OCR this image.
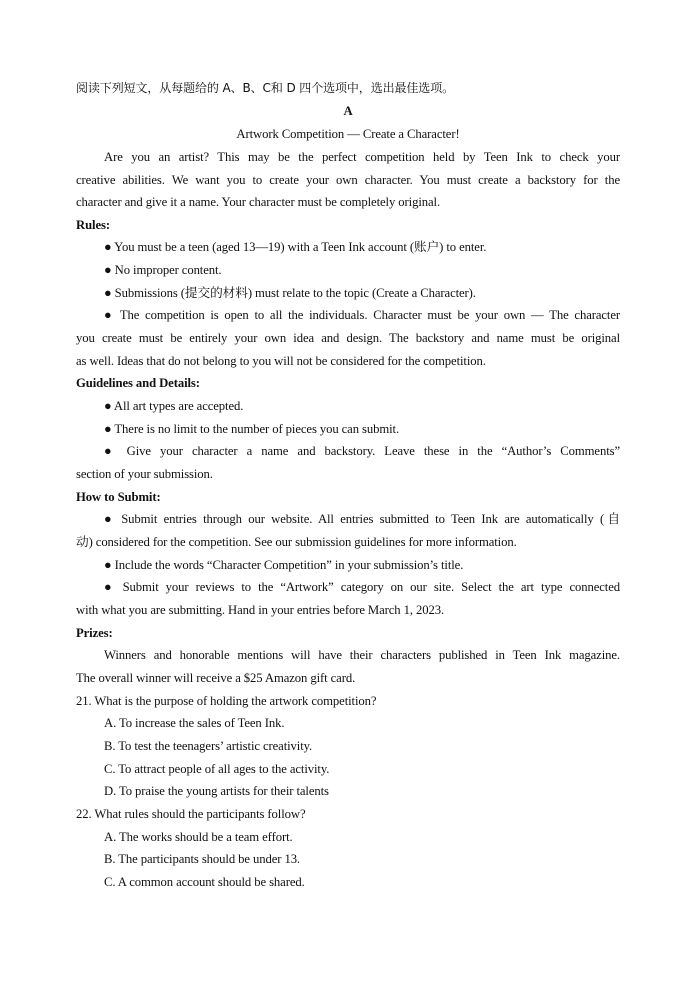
阅读下列短文，从每题给的 A、B、C和 D 四个选项中，选出最佳选项。
A
Artwork Competition — Create a Character!
Are you an artist? This may be the perfect competition held by Teen Ink to check your
creative abilities. We want you to create your own character. You must create a backstory for the
character and give it a name. Your character must be completely original.
Rules:
● You must be a teen (aged 13—19) with a Teen Ink account (账户) to enter.
● No improper content.
● Submissions (提交的材料) must relate to the topic (Create a Character).
● The competition is open to all the individuals. Character must be your own — The character
you create must be entirely your own idea and design. The backstory and name must be original
as well. Ideas that do not belong to you will not be considered for the competition.
Guidelines and Details:
● All art types are accepted.
● There is no limit to the number of pieces you can submit.
● Give your character a name and backstory. Leave these in the “Author’s Comments”
section of your submission.
How to Submit:
● Submit entries through our website. All entries submitted to Teen Ink are automatically (自
动) considered for the competition. See our submission guidelines for more information.
● Include the words “Character Competition” in your submission’s title.
● Submit your reviews to the “Artwork” category on our site. Select the art type connected
with what you are submitting. Hand in your entries before March 1, 2023.
Prizes:
Winners and honorable mentions will have their characters published in Teen Ink magazine.
The overall winner will receive a $25 Amazon gift card.
21. What is the purpose of holding the artwork competition?
A. To increase the sales of Teen Ink.
B. To test the teenagers’ artistic creativity.
C. To attract people of all ages to the activity.
D. To praise the young artists for their talents
22. What rules should the participants follow?
A. The works should be a team effort.
B. The participants should be under 13.
C. A common account should be shared.
